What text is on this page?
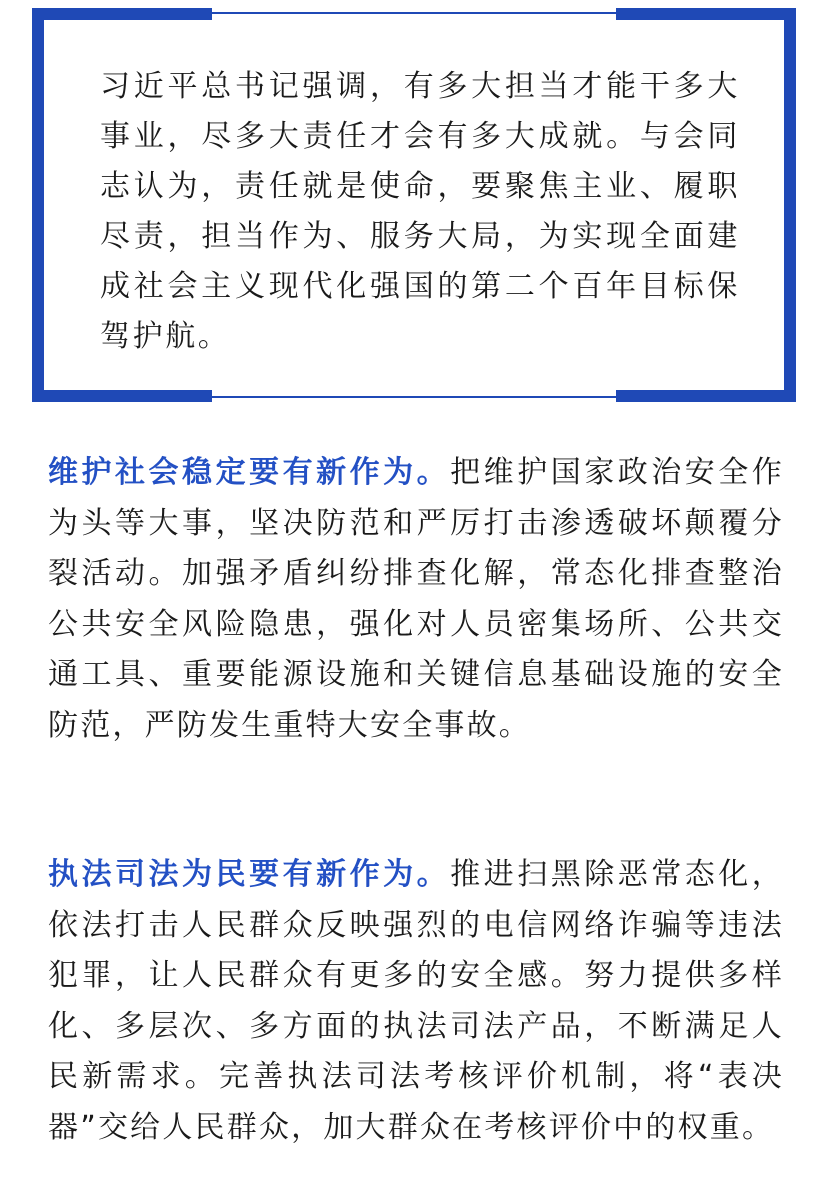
习近平总书记强调，有多大担当才能干多大事业，尽多大责任才会有多大成就。与会同志认为，责任就是使命，要聚焦主业、履职尽责，担当作为、服务大局，为实现全面建成社会主义现代化强国的第二个百年目标保驾护航。

维护社会稳定要有新作为。把维护国家政治安全作为头等大事，坚决防范和严厉打击渗透破坏颠覆分裂活动。加强矛盾纠纷排查化解，常态化排查整治公共安全风险隐患，强化对人员密集场所、公共交通工具、重要能源设施和关键信息基础设施的安全防范，严防发生重特大安全事故。

执法司法为民要有新作为。推进扫黑除恶常态化，依法打击人民群众反映强烈的电信网络诈骗等违法犯罪，让人民群众有更多的安全感。努力提供多样化、多层次、多方面的执法司法产品，不断满足人民新需求。完善执法司法考核评价机制，将“表决器”交给人民群众，加大群众在考核评价中的权重。
